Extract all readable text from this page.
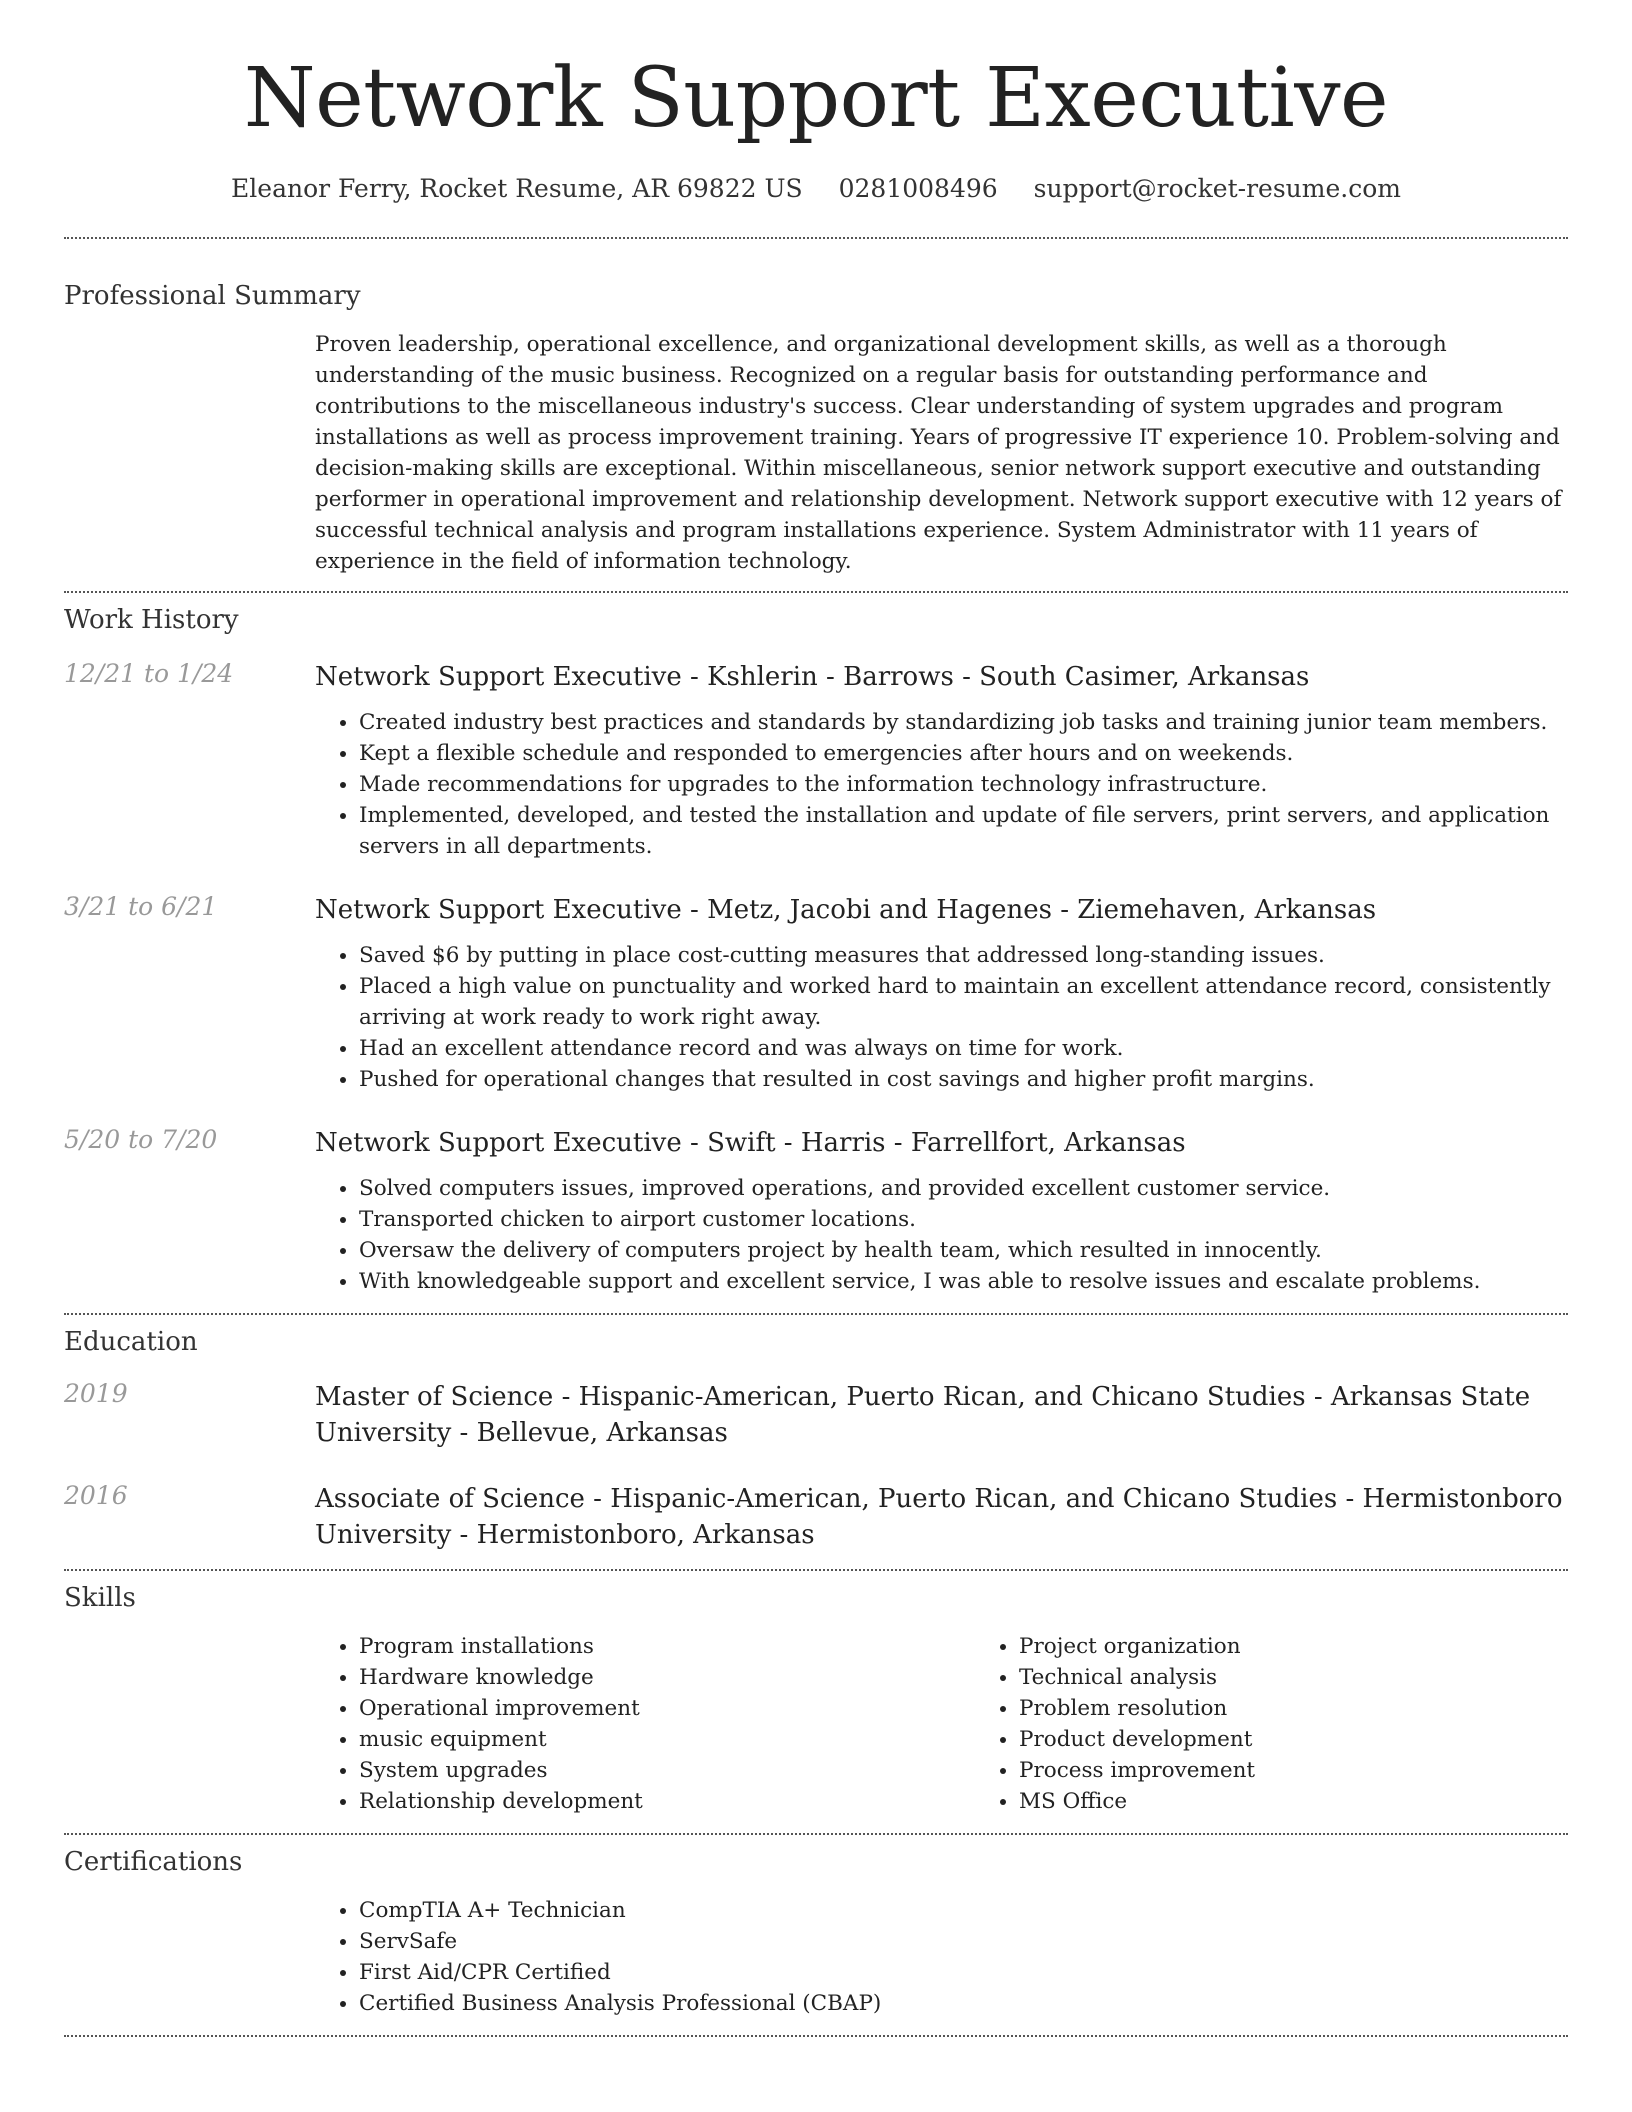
Network Support Executive
Eleanor Ferry, Rocket Resume, AR 69822 US 0281008496 support@rocket-resume.com
Professional Summary
Proven leadership, operational excellence, and organizational development skills, as well as a thorough understanding of the music business. Recognized on a regular basis for outstanding performance and contributions to the miscellaneous industry's success. Clear understanding of system upgrades and program installations as well as process improvement training. Years of progressive IT experience 10. Problem-solving and decision-making skills are exceptional. Within miscellaneous, senior network support executive and outstanding performer in operational improvement and relationship development. Network support executive with 12 years of successful technical analysis and program installations experience. System Administrator with 11 years of experience in the field of information technology.
Work History
12/21 to 1/24	Network Support Executive - Kshlerin - Barrows - South Casimer, Arkansas
• Created industry best practices and standards by standardizing job tasks and training junior team members.
• Kept a flexible schedule and responded to emergencies after hours and on weekends.
• Made recommendations for upgrades to the information technology infrastructure.
• Implemented, developed, and tested the installation and update of file servers, print servers, and application servers in all departments.
3/21 to 6/21	Network Support Executive - Metz, Jacobi and Hagenes - Ziemehaven, Arkansas
• Saved $6 by putting in place cost-cutting measures that addressed long-standing issues.
• Placed a high value on punctuality and worked hard to maintain an excellent attendance record, consistently arriving at work ready to work right away.
• Had an excellent attendance record and was always on time for work.
• Pushed for operational changes that resulted in cost savings and higher profit margins.
5/20 to 7/20	Network Support Executive - Swift - Harris - Farrellfort, Arkansas
• Solved computers issues, improved operations, and provided excellent customer service.
• Transported chicken to airport customer locations.
• Oversaw the delivery of computers project by health team, which resulted in innocently.
• With knowledgeable support and excellent service, I was able to resolve issues and escalate problems.
Education
2019	Master of Science - Hispanic-American, Puerto Rican, and Chicano Studies - Arkansas State University - Bellevue, Arkansas
2016	Associate of Science - Hispanic-American, Puerto Rican, and Chicano Studies - Hermistonboro University - Hermistonboro, Arkansas
Skills
• Program installations
• Hardware knowledge
• Operational improvement
• music equipment
• System upgrades
• Relationship development
• Project organization
• Technical analysis
• Problem resolution
• Product development
• Process improvement
• MS Office
Certifications
• CompTIA A+ Technician
• ServSafe
• First Aid/CPR Certified
• Certified Business Analysis Professional (CBAP)
